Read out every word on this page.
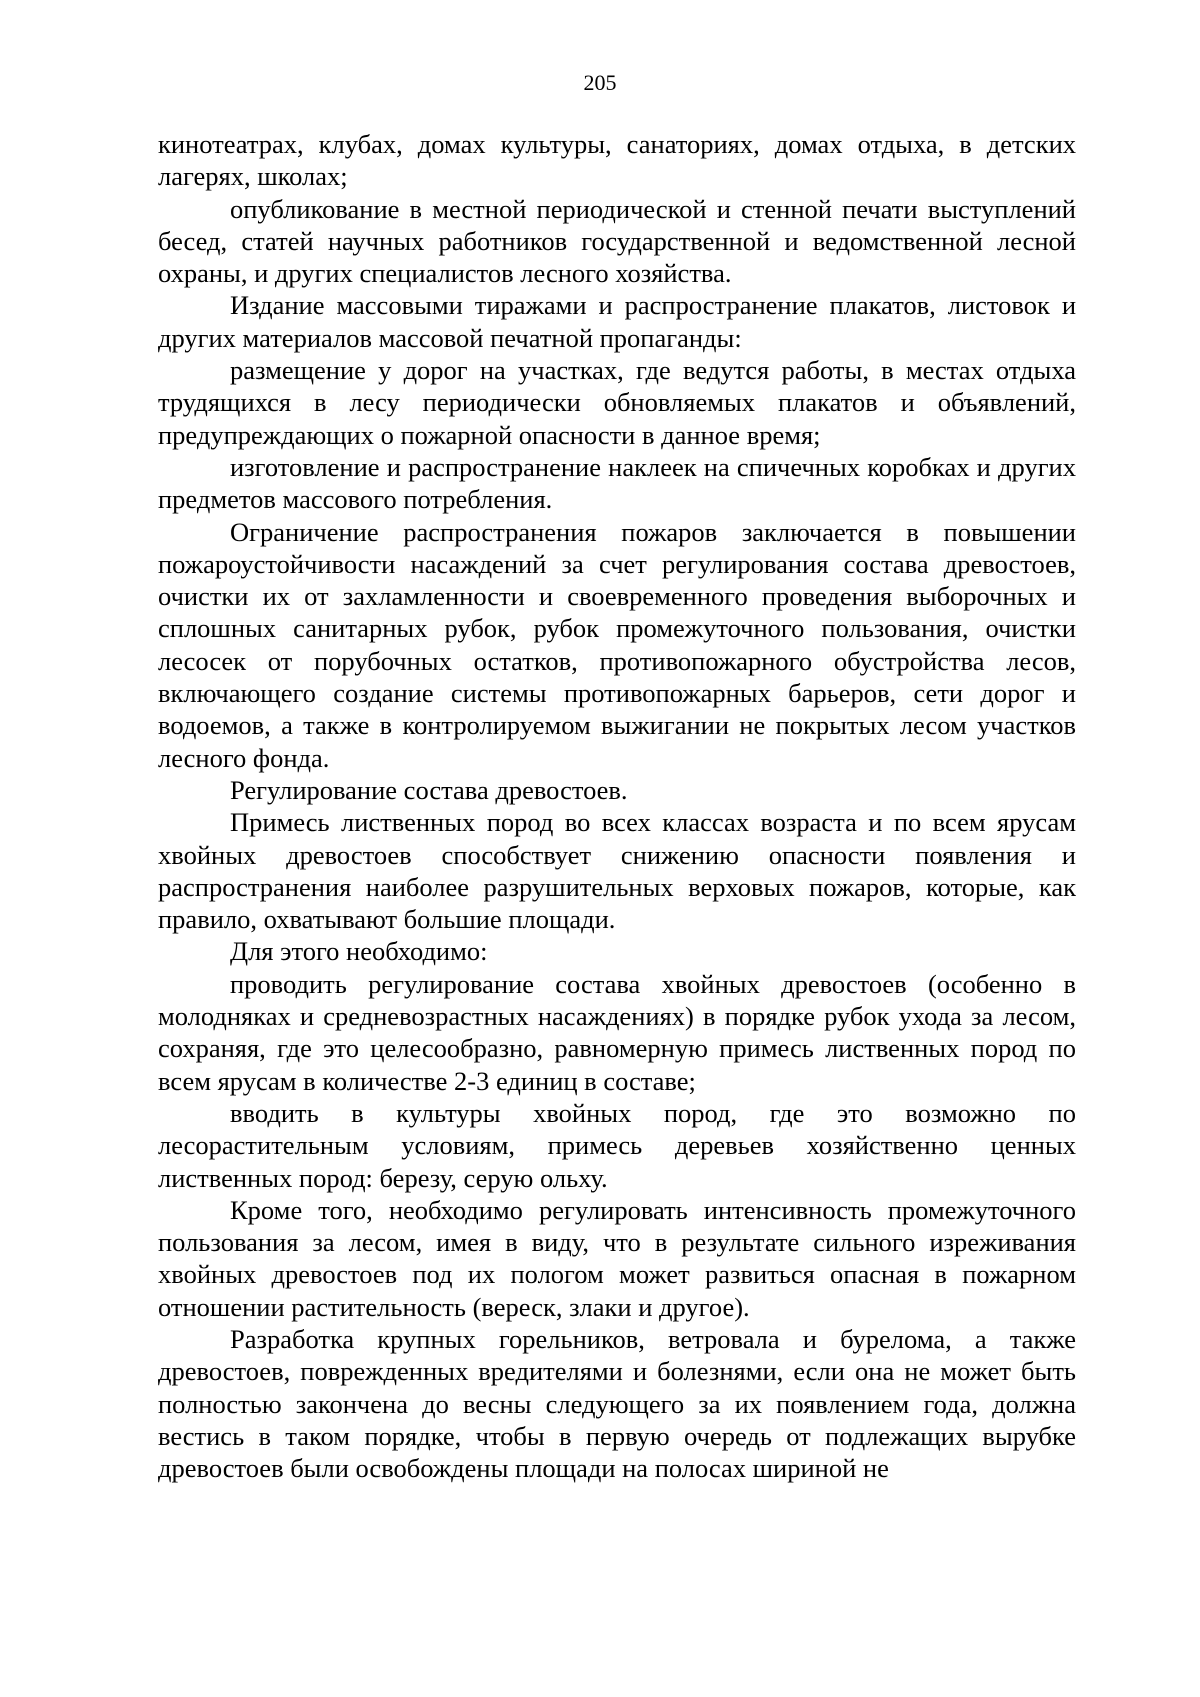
205

кинотеатрах, клубах, домах культуры, санаториях, домах отдыха, в детских лагерях, школах;

опубликование в местной периодической и стенной печати выступлений бесед, статей научных работников государственной и ведомственной лесной охраны, и других специалистов лесного хозяйства.

Издание массовыми тиражами и распространение плакатов, листовок и других материалов массовой печатной пропаганды:

размещение у дорог на участках, где ведутся работы, в местах отдыха трудящихся в лесу периодически обновляемых плакатов и объявлений, предупреждающих о пожарной опасности в данное время;

изготовление и распространение наклеек на спичечных коробках и других предметов массового потребления.

Ограничение распространения пожаров заключается в повышении пожароустойчивости насаждений за счет регулирования состава древостоев, очистки их от захламленности и своевременного проведения выборочных и сплошных санитарных рубок, рубок промежуточного пользования, очистки лесосек от порубочных остатков, противопожарного обустройства лесов, включающего создание системы противопожарных барьеров, сети дорог и водоемов, а также в контролируемом выжигании не покрытых лесом участков лесного фонда.

Регулирование состава древостоев.

Примесь лиственных пород во всех классах возраста и по всем ярусам хвойных древостоев способствует снижению опасности появления и распространения наиболее разрушительных верховых пожаров, которые, как правило, охватывают большие площади.

Для этого необходимо:

проводить регулирование состава хвойных древостоев (особенно в молодняках и средневозрастных насаждениях) в порядке рубок ухода за лесом, сохраняя, где это целесообразно, равномерную примесь лиственных пород по всем ярусам в количестве 2-3 единиц в составе;

вводить в культуры хвойных пород, где это возможно по лесорастительным условиям, примесь деревьев хозяйственно ценных лиственных пород: березу, серую ольху.

Кроме того, необходимо регулировать интенсивность промежуточного пользования за лесом, имея в виду, что в результате сильного изреживания хвойных древостоев под их пологом может развиться опасная в пожарном отношении растительность (вереск, злаки и другое).

Разработка крупных горельников, ветровала и бурелома, а также древостоев, поврежденных вредителями и болезнями, если она не может быть полностью закончена до весны следующего за их появлением года, должна вестись в таком порядке, чтобы в первую очередь от подлежащих вырубке древостоев были освобождены площади на полосах шириной не
